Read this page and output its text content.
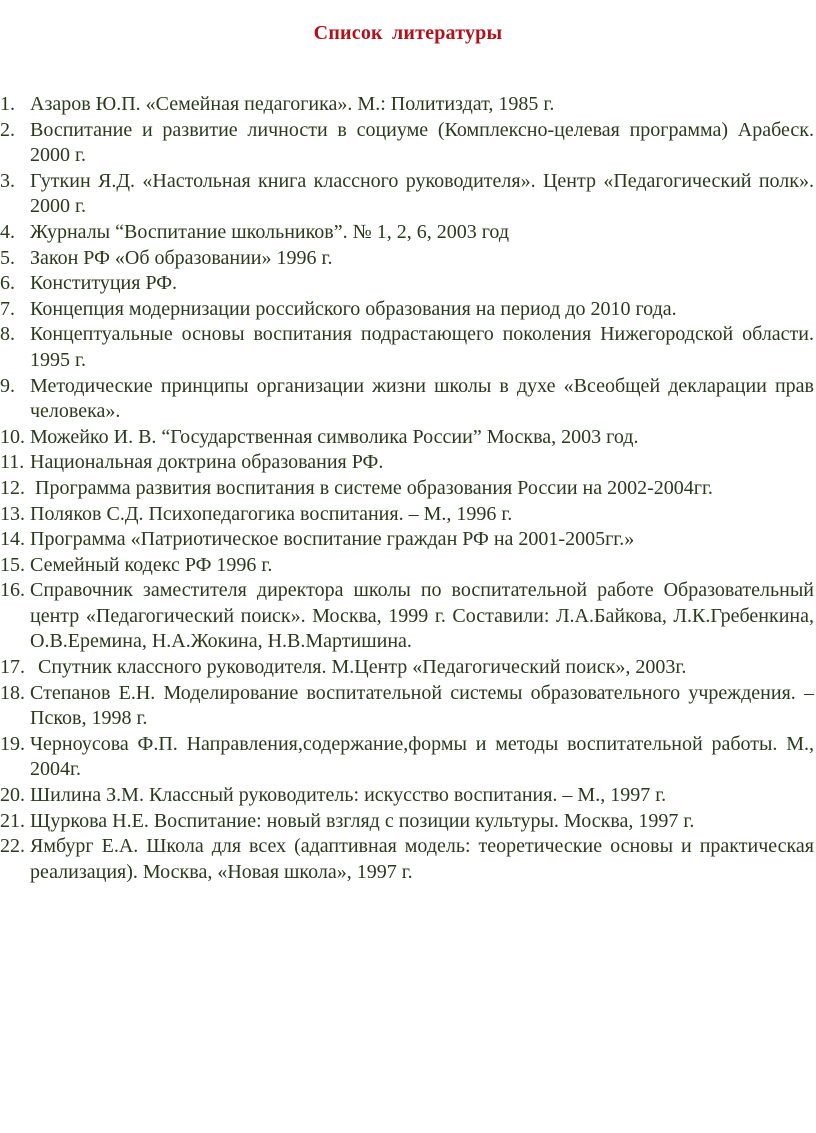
Список литературы
1. Азаров Ю.П. «Семейная педагогика». М.: Политиздат, 1985 г.
2. Воспитание и развитие личности в социуме (Комплексно-целевая программа) Арабеск. 2000 г.
3. Гуткин Я.Д. «Настольная книга классного руководителя». Центр «Педагогический полк». 2000 г.
4. Журналы “Воспитание школьников”. № 1, 2, 6, 2003 год
5. Закон РФ «Об образовании» 1996 г.
6. Конституция РФ.
7. Концепция модернизации российского образования на период до 2010 года.
8. Концептуальные основы воспитания подрастающего поколения Нижегородской области. 1995 г.
9. Методические принципы организации жизни школы в духе «Всеобщей декларации прав человека».
10. Можейко И. В. “Государственная символика России” Москва, 2003 год.
11. Национальная доктрина образования РФ.
12. Программа развития воспитания в системе образования России на 2002-2004гг.
13. Поляков С.Д. Психопедагогика воспитания. – М., 1996 г.
14. Программа «Патриотическое воспитание граждан РФ на 2001-2005гг.»
15. Семейный кодекс РФ 1996 г.
16. Справочник заместителя директора школы по воспитательной работе Образовательный центр «Педагогический поиск». Москва, 1999 г. Составили: Л.А.Байкова, Л.К.Гребенкина, О.В.Еремина, Н.А.Жокина, Н.В.Мартишина.
17. Спутник классного руководителя. М.Центр «Педагогический поиск», 2003г.
18. Степанов Е.Н. Моделирование воспитательной системы образовательного учреждения. – Псков, 1998 г.
19. Черноусова Ф.П. Направления,содержание,формы и методы воспитательной работы. М., 2004г.
20. Шилина З.М. Классный руководитель: искусство воспитания. – М., 1997 г.
21. Щуркова Н.Е. Воспитание: новый взгляд с позиции культуры. Москва, 1997 г.
22. Ямбург Е.А. Школа для всех (адаптивная модель: теоретические основы и практическая реализация). Москва, «Новая школа», 1997 г.
